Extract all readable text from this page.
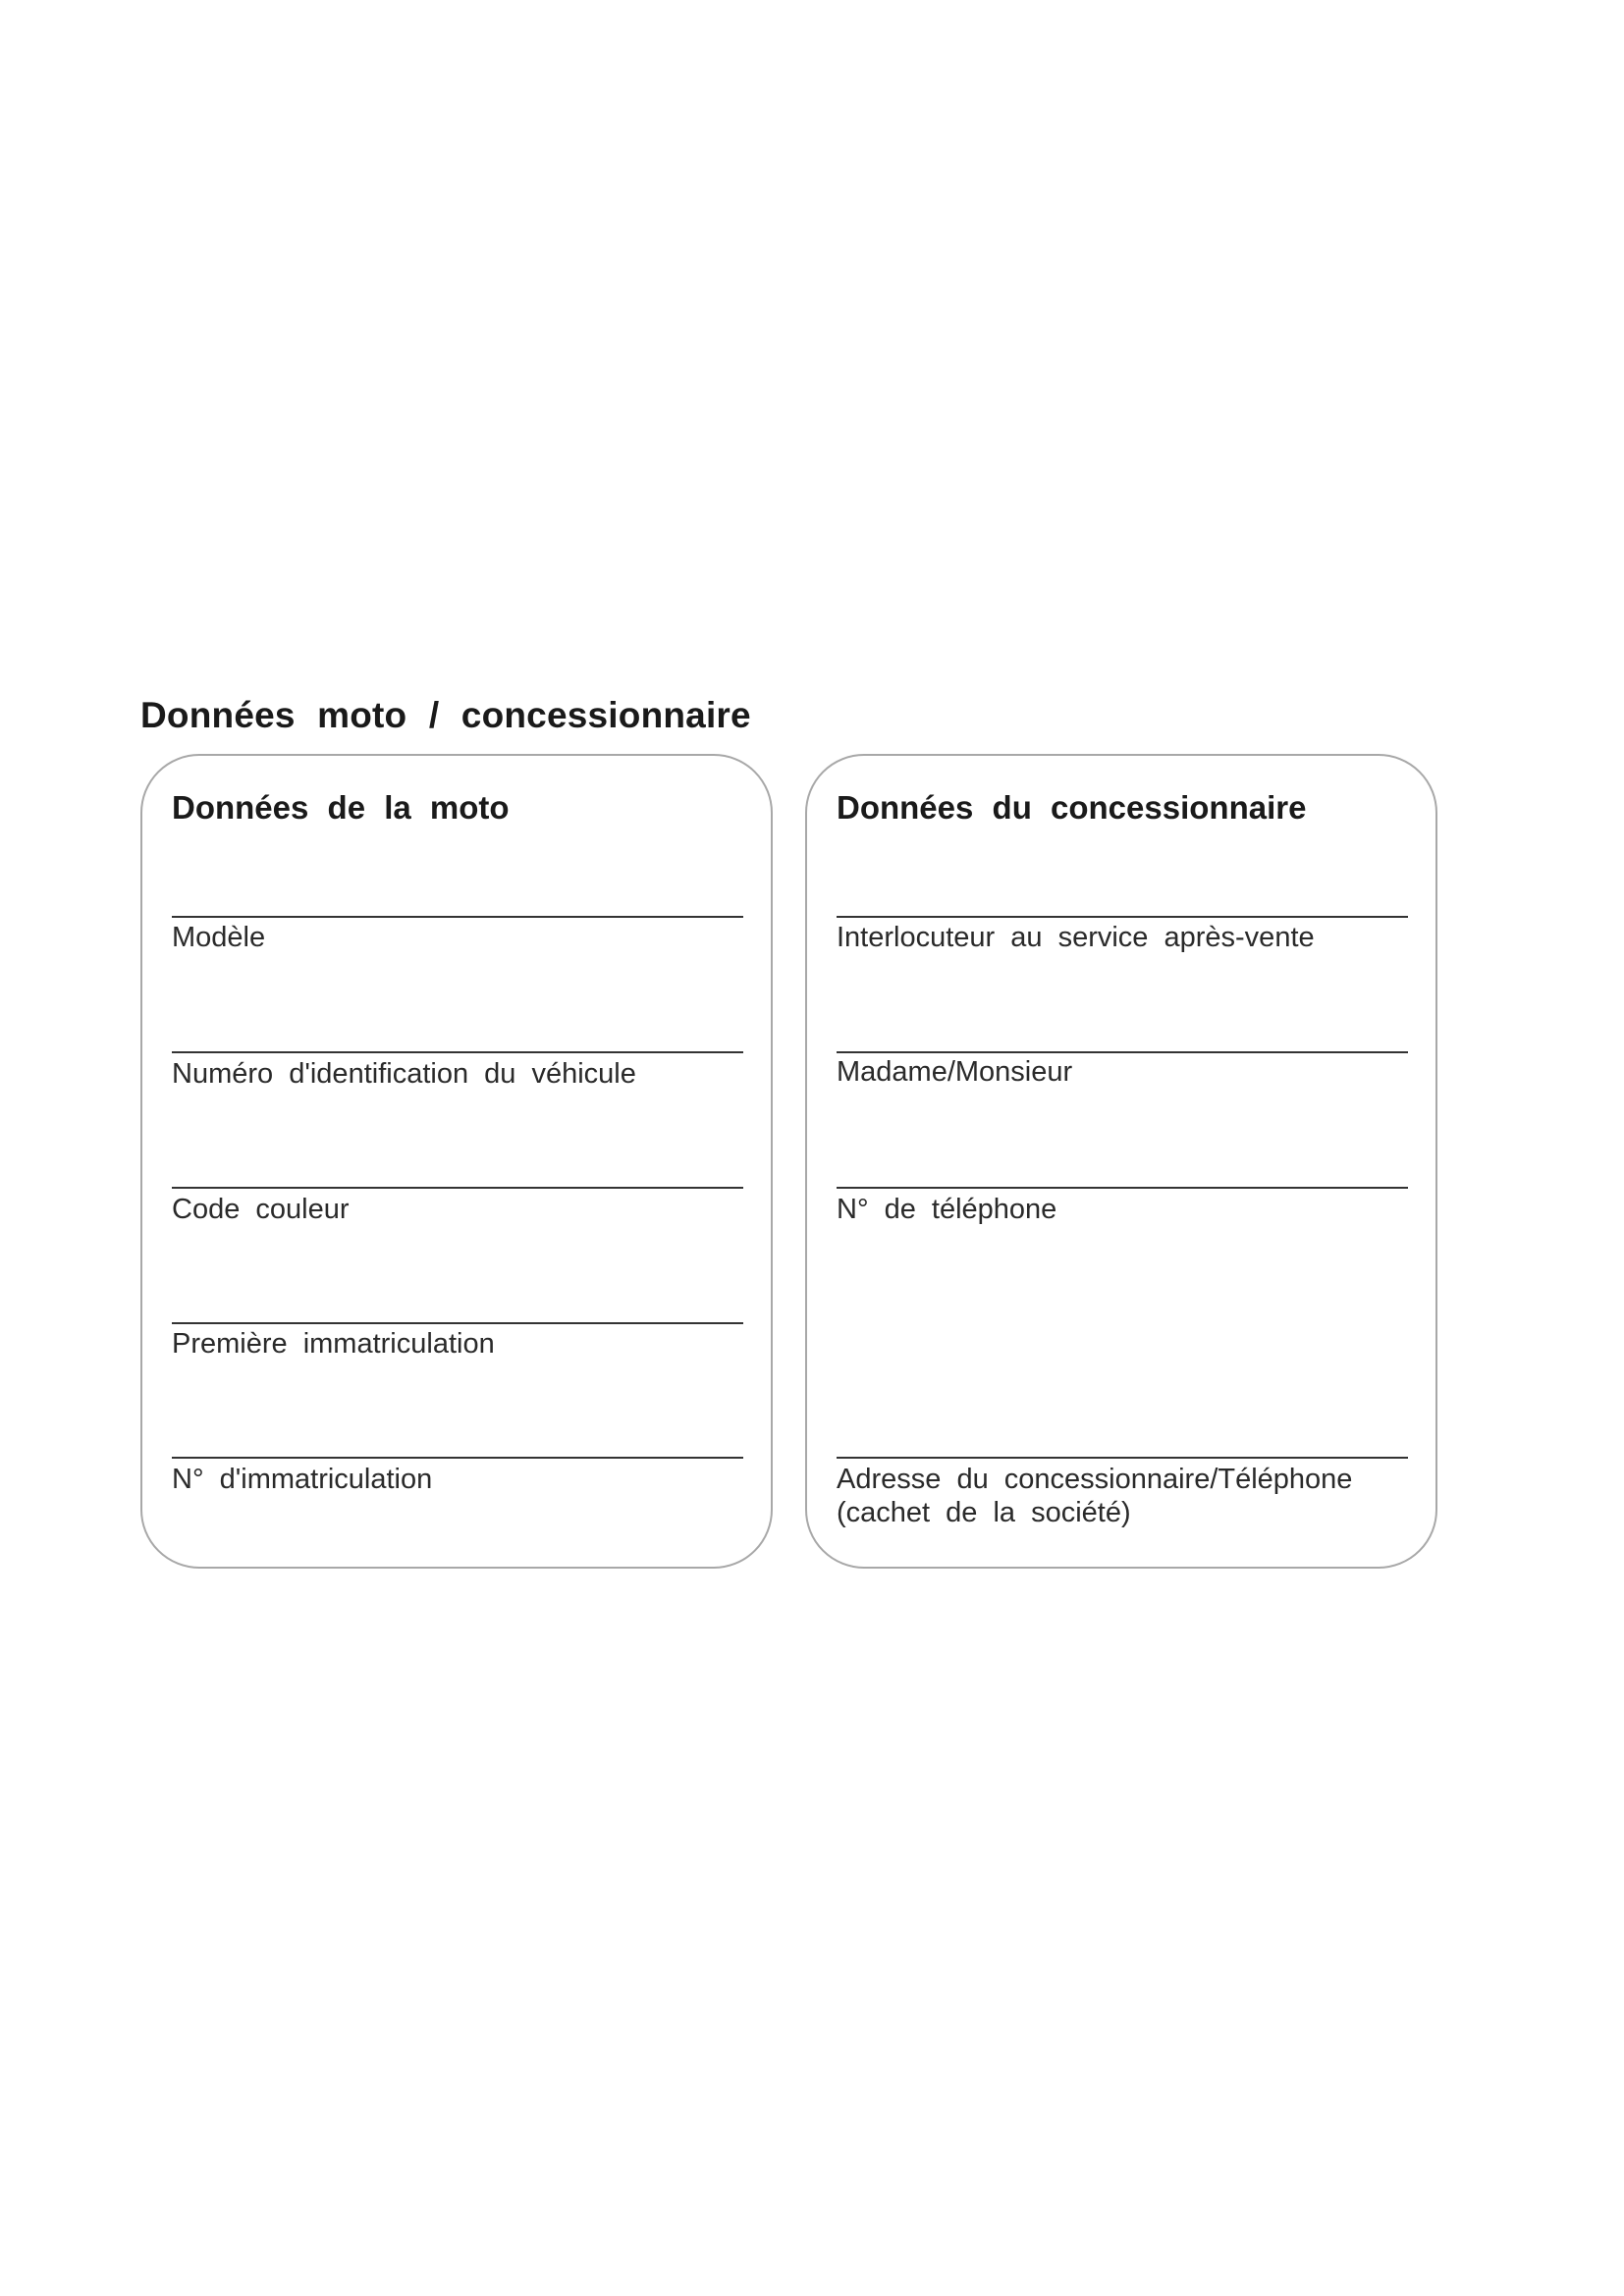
Données moto / concessionnaire
Données de la moto
Modèle
Numéro d'identification du véhicule
Code couleur
Première immatriculation
N° d'immatriculation
Données du concessionnaire
Interlocuteur au service après-vente
Madame/Monsieur
N° de téléphone
Adresse du concessionnaire/Téléphone
(cachet de la société)
